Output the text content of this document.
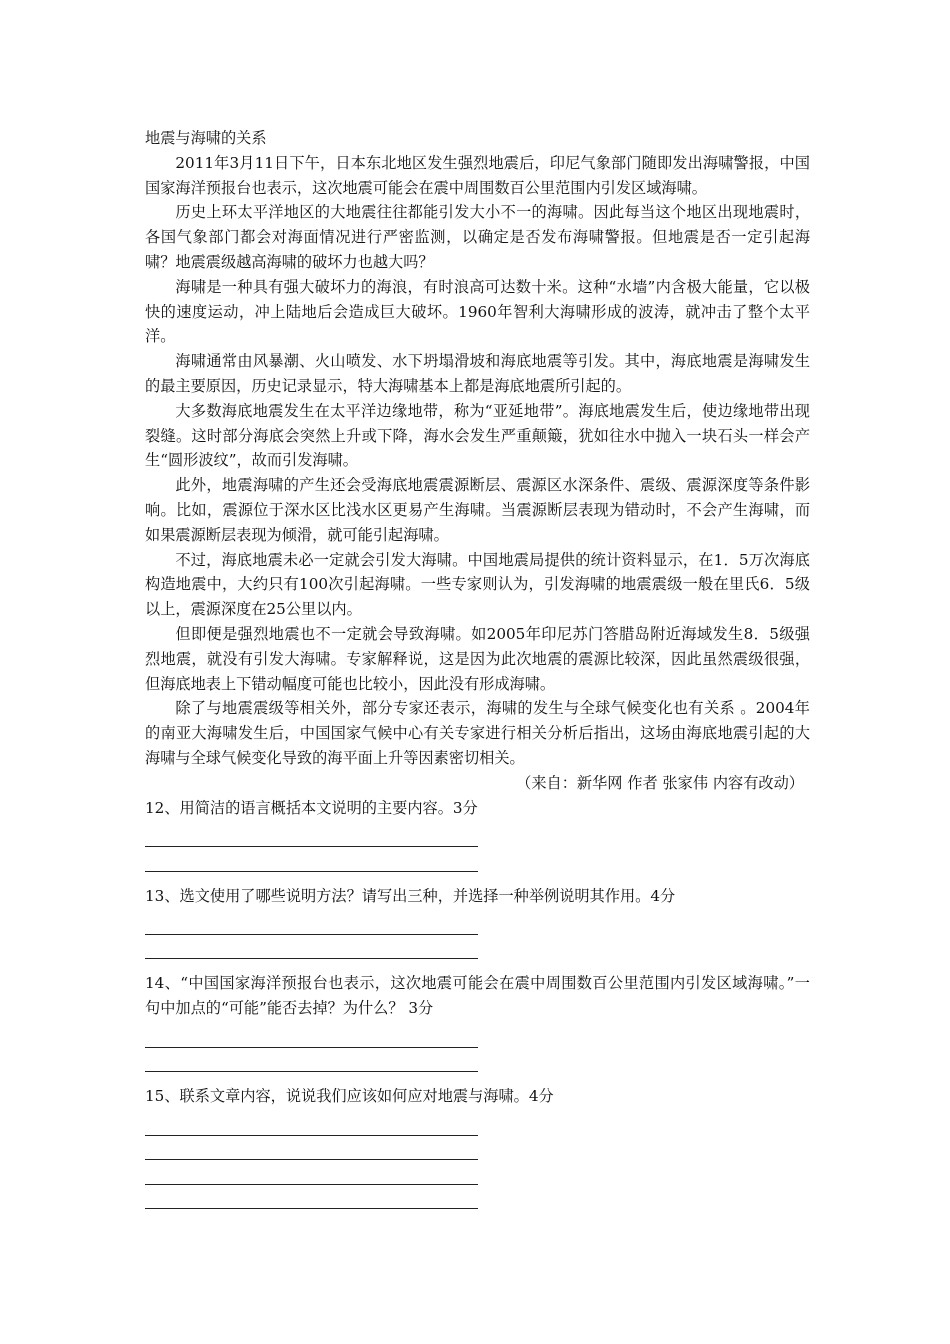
地震与海啸的关系

2011年3月11日下午，日本东北地区发生强烈地震后，印尼气象部门随即发出海啸警报，中国国家海洋预报台也表示，这次地震可能会在震中周围数百公里范围内引发区域海啸。

历史上环太平洋地区的大地震往往都能引发大小不一的海啸。因此每当这个地区出现地震时，各国气象部门都会对海面情况进行严密监测，以确定是否发布海啸警报。但地震是否一定引起海啸？地震震级越高海啸的破坏力也越大吗？

海啸是一种具有强大破坏力的海浪，有时浪高可达数十米。这种“水墙”内含极大能量，它以极快的速度运动，冲上陆地后会造成巨大破坏。1960年智利大海啸形成的波涛，就冲击了整个太平洋。

海啸通常由风暴潮、火山喷发、水下坍塌滑坡和海底地震等引发。其中，海底地震是海啸发生的最主要原因，历史记录显示，特大海啸基本上都是海底地震所引起的。

大多数海底地震发生在太平洋边缘地带，称为“亚延地带”。海底地震发生后，使边缘地带出现裂缝。这时部分海底会突然上升或下降，海水会发生严重颠簸，犹如往水中抛入一块石头一样会产生“圆形波纹”，故而引发海啸。

此外，地震海啸的产生还会受海底地震震源断层、震源区水深条件、震级、震源深度等条件影响。比如，震源位于深水区比浅水区更易产生海啸。当震源断层表现为错动时，不会产生海啸，而如果震源断层表现为倾滑，就可能引起海啸。

不过，海底地震未必一定就会引发大海啸。中国地震局提供的统计资料显示，在1．5万次海底构造地震中，大约只有100次引起海啸。一些专家则认为，引发海啸的地震震级一般在里氏6．5级以上，震源深度在25公里以内。

但即便是强烈地震也不一定就会导致海啸。如2005年印尼苏门答腊岛附近海域发生8．5级强烈地震，就没有引发大海啸。专家解释说，这是因为此次地震的震源比较深，因此虽然震级很强，但海底地表上下错动幅度可能也比较小，因此没有形成海啸。

除了与地震震级等相关外，部分专家还表示，海啸的发生与全球气候变化也有关系 。2004年的南亚大海啸发生后，中国国家气候中心有关专家进行相关分析后指出，这场由海底地震引起的大海啸与全球气候变化导致的海平面上升等因素密切相关。

（来自：新华网 作者 张家伟 内容有改动）

12、用简洁的语言概括本文说明的主要内容。3分

13、选文使用了哪些说明方法？请写出三种，并选择一种举例说明其作用。4分

14、“中国国家海洋预报台也表示，这次地震可能会在震中周围数百公里范围内引发区域海啸。”一句中加点的“可能”能否去掉？为什么？ 3分

15、联系文章内容，说说我们应该如何应对地震与海啸。4分
